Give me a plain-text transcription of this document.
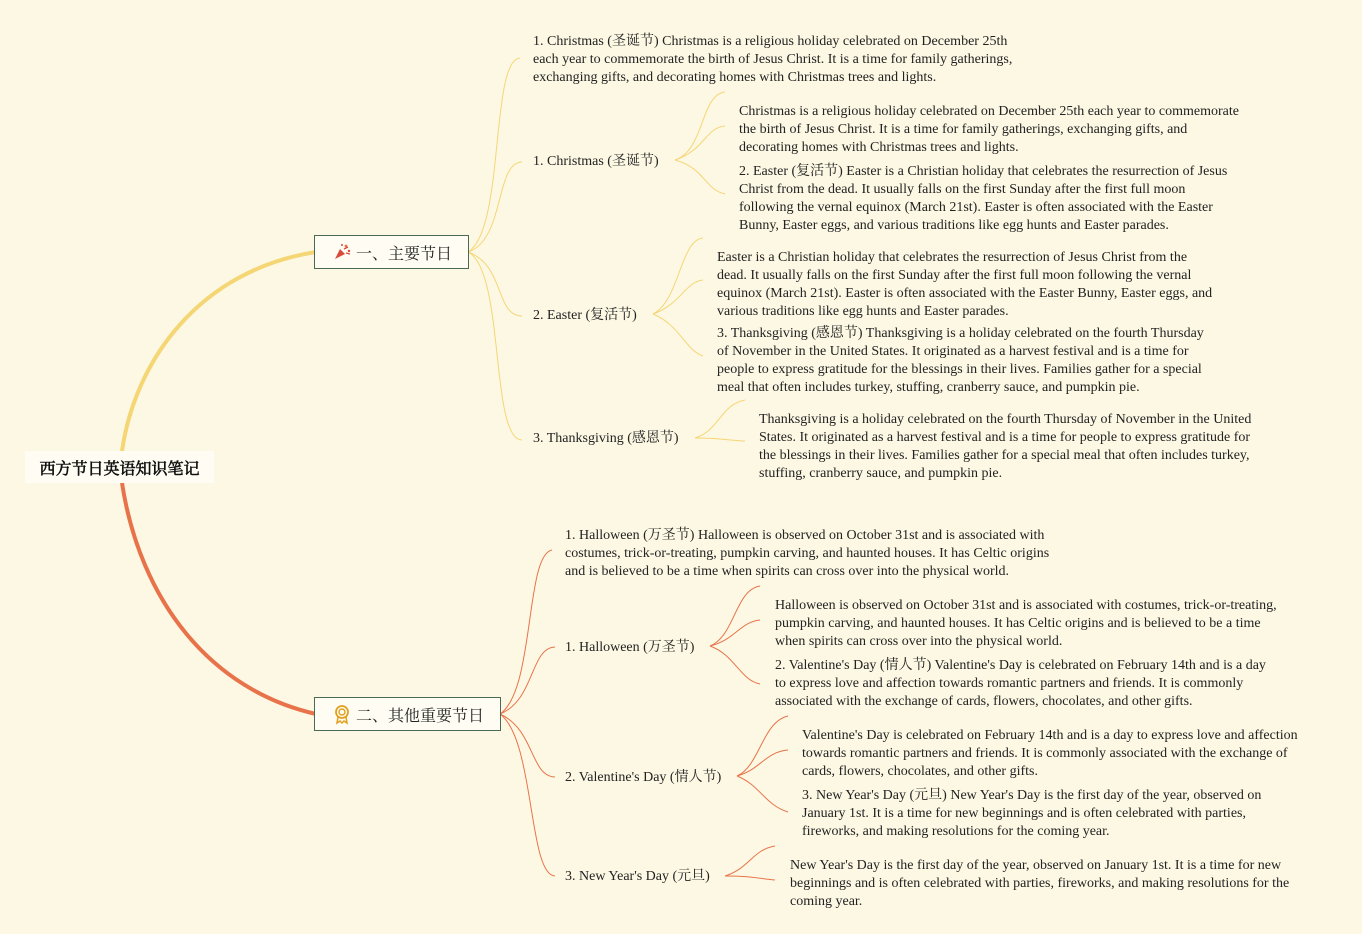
西方节日英语知识笔记
一、主要节日
1. Christmas (圣诞节) Christmas is a religious holiday celebrated on December 25th each year to commemorate the birth of Jesus Christ. It is a time for family gatherings, exchanging gifts, and decorating homes with Christmas trees and lights.
1. Christmas (圣诞节)
Christmas is a religious holiday celebrated on December 25th each year to commemorate the birth of Jesus Christ. It is a time for family gatherings, exchanging gifts, and decorating homes with Christmas trees and lights.
2. Easter (复活节) Easter is a Christian holiday that celebrates the resurrection of Jesus Christ from the dead. It usually falls on the first Sunday after the first full moon following the vernal equinox (March 21st). Easter is often associated with the Easter Bunny, Easter eggs, and various traditions like egg hunts and Easter parades.
2. Easter (复活节)
Easter is a Christian holiday that celebrates the resurrection of Jesus Christ from the dead. It usually falls on the first Sunday after the first full moon following the vernal equinox (March 21st). Easter is often associated with the Easter Bunny, Easter eggs, and various traditions like egg hunts and Easter parades.
3. Thanksgiving (感恩节) Thanksgiving is a holiday celebrated on the fourth Thursday of November in the United States. It originated as a harvest festival and is a time for people to express gratitude for the blessings in their lives. Families gather for a special meal that often includes turkey, stuffing, cranberry sauce, and pumpkin pie.
3. Thanksgiving (感恩节)
Thanksgiving is a holiday celebrated on the fourth Thursday of November in the United States. It originated as a harvest festival and is a time for people to express gratitude for the blessings in their lives. Families gather for a special meal that often includes turkey, stuffing, cranberry sauce, and pumpkin pie.
二、其他重要节日
1. Halloween (万圣节) Halloween is observed on October 31st and is associated with costumes, trick-or-treating, pumpkin carving, and haunted houses. It has Celtic origins and is believed to be a time when spirits can cross over into the physical world.
1. Halloween (万圣节)
Halloween is observed on October 31st and is associated with costumes, trick-or-treating, pumpkin carving, and haunted houses. It has Celtic origins and is believed to be a time when spirits can cross over into the physical world.
2. Valentine's Day (情人节) Valentine's Day is celebrated on February 14th and is a day to express love and affection towards romantic partners and friends. It is commonly associated with the exchange of cards, flowers, chocolates, and other gifts.
2. Valentine's Day (情人节)
Valentine's Day is celebrated on February 14th and is a day to express love and affection towards romantic partners and friends. It is commonly associated with the exchange of cards, flowers, chocolates, and other gifts.
3. New Year's Day (元旦) New Year's Day is the first day of the year, observed on January 1st. It is a time for new beginnings and is often celebrated with parties, fireworks, and making resolutions for the coming year.
3. New Year's Day (元旦)
New Year's Day is the first day of the year, observed on January 1st. It is a time for new beginnings and is often celebrated with parties, fireworks, and making resolutions for the coming year.
